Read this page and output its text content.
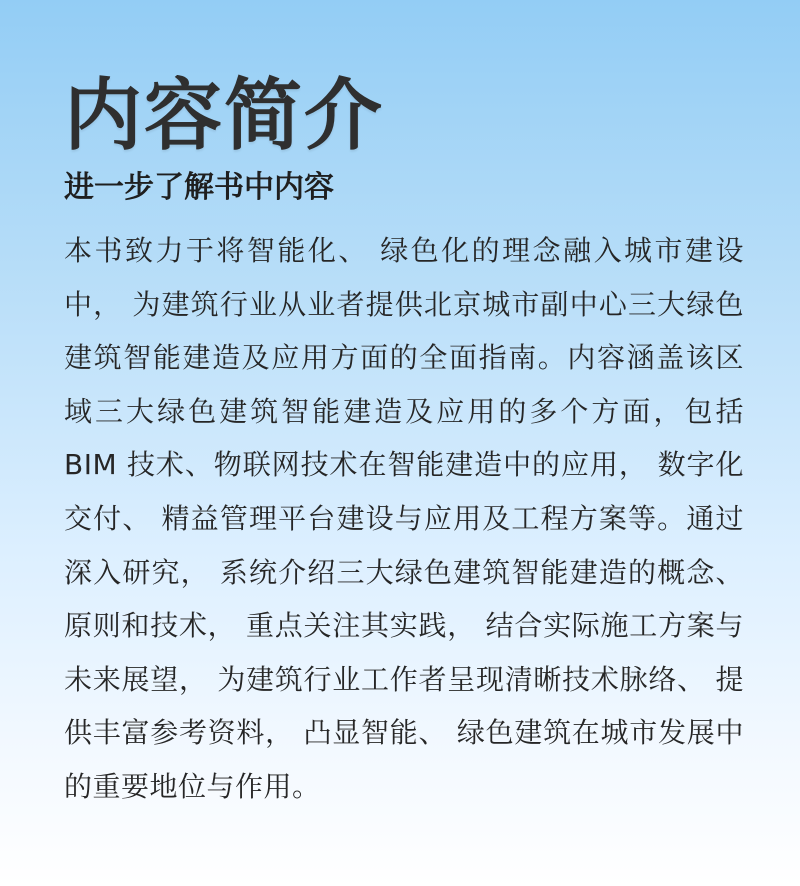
内容简介
进一步了解书中内容

本书致力于将智能化、 绿色化的理念融入城市建设中， 为建筑行业从业者提供北京城市副中心三大绿色建筑智能建造及应用方面的全面指南。内容涵盖该区域三大绿色建筑智能建造及应用的多个方面，包括 BIM 技术、物联网技术在智能建造中的应用， 数字化交付、 精益管理平台建设与应用及工程方案等。通过深入研究， 系统介绍三大绿色建筑智能建造的概念、 原则和技术， 重点关注其实践， 结合实际施工方案与未来展望， 为建筑行业工作者呈现清晰技术脉络、 提供丰富参考资料， 凸显智能、 绿色建筑在城市发展中的重要地位与作用。
